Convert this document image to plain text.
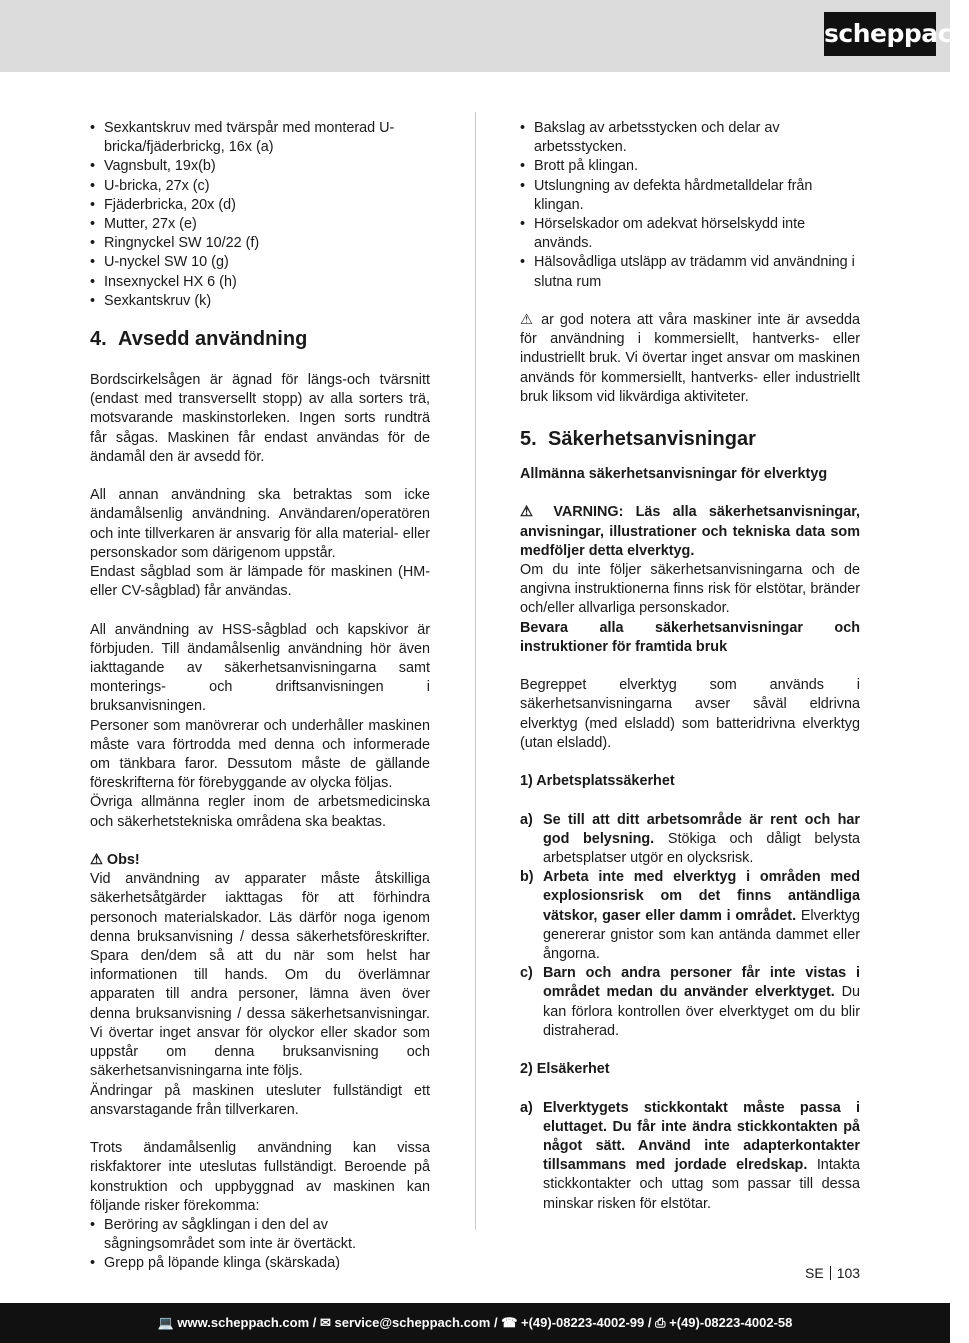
scheppach
• Sexkantskruv med tvärspår med monterad U-bricka/fjäderbrickg, 16x (a)
• Vagnsbult, 19x(b)
• U-bricka, 27x (c)
• Fjäderbricka, 20x (d)
• Mutter, 27x (e)
• Ringnyckel SW 10/22 (f)
• U-nyckel SW 10 (g)
• Insexnyckel HX 6 (h)
• Sexkantskruv (k)
4. Avsedd användning

Bordscirkelsågen är ägnad för längs-och tvärsnitt (endast med transversellt stopp) av alla sorters trä, motsvarande maskinstorleken. Ingen sorts rundträ får sågas. Maskinen får endast användas för de ändamål den är avsedd för.

All annan användning ska betraktas som icke ändamålsenlig användning. Användaren/operatören och inte tillverkaren är ansvarig för alla material- eller personskador som därigenom uppstår.

Endast sågblad som är lämpade för maskinen (HM- eller CV-sågblad) får användas.

All användning av HSS-sågblad och kapskivor är förbjuden. Till ändamålsenlig användning hör även iakttagande av säkerhetsanvisningarna samt monterings- och driftsanvisningen i bruksanvisningen.

Personer som manövrerar och underhåller maskinen måste vara förtrodda med denna och informerade om tänkbara faror. Dessutom måste de gällande föreskrifterna för förebyggande av olycka följas.

Övriga allmänna regler inom de arbetsmedicinska och säkerhetstekniska områdena ska beaktas.

⚠ Obs!

Vid användning av apparater måste åtskilliga säkerhetsåtgärder iakttagas för att förhindra personoch materialskador. Läs därför noga igenom denna bruksanvisning / dessa säkerhetsföreskrifter. Spara den/dem så att du när som helst har informationen till hands. Om du överlämnar apparaten till andra personer, lämna även över denna bruksanvisning / dessa säkerhetsanvisningar. Vi övertar inget ansvar för olyckor eller skador som uppstår om denna bruksanvisning och säkerhetsanvisningarna inte följs.

Ändringar på maskinen utesluter fullständigt ett ansvarstagande från tillverkaren.

Trots ändamålsenlig användning kan vissa riskfaktorer inte uteslutas fullständigt. Beroende på konstruktion och uppbyggnad av maskinen kan följande risker förekomma:

• Beröring av sågklingan i den del av sågningsområdet som inte är övertäckt.
• Grepp på löpande klinga (skärskada)
• Bakslag av arbetsstycken och delar av arbetsstycken.
• Brott på klingan.
• Utslungning av defekta hårdmetalldelar från klingan.
• Hörselskador om adekvat hörselskydd inte används.
• Hälsovådliga utsläpp av trädamm vid användning i slutna rum

⚠ ar god notera att våra maskiner inte är avsedda för användning i kommersiellt, hantverks- eller industriellt bruk. Vi övertar inget ansvar om maskinen används för kommersiellt, hantverks- eller industriellt bruk liksom vid likvärdiga aktiviteter.

5. Säkerhetsanvisningar

Allmänna säkerhetsanvisningar för elverktyg

⚠ VARNING: Läs alla säkerhetsanvisningar, anvisningar, illustrationer och tekniska data som medföljer detta elverktyg.

Om du inte följer säkerhetsanvisningarna och de angivna instruktionerna finns risk för elstötar, bränder och/eller allvarliga personskador.

Bevara alla säkerhetsanvisningar och instruktioner för framtida bruk

Begreppet elverktyg som används i säkerhetsanvisningarna avser såväl eldrivna elverktyg (med elsladd) som batteridrivna elverktyg (utan elsladd).

1) Arbetsplatssäkerhet

a) Se till att ditt arbetsområde är rent och har god belysning. Stökiga och dåligt belysta arbetsplatser utgör en olycksrisk.
b) Arbeta inte med elverktyg i områden med explosionsrisk om det finns antändliga vätskor, gaser eller damm i området. Elverktyg genererar gnistor som kan antända dammet eller ångorna.
c) Barn och andra personer får inte vistas i området medan du använder elverktyget. Du kan förlora kontrollen över elverktyget om du blir distraherad.

2) Elsäkerhet

a) Elverktygets stickkontakt måste passa i eluttaget. Du får inte ändra stickkontakten på något sätt. Använd inte adapterkontakter tillsammans med jordade elredskap. Intakta stickkontakter och uttag som passar till dessa minskar risken för elstötar.
SE 103
💻 www.scheppach.com / ✉ service@scheppach.com / ☎ +(49)-08223-4002-99 / ⎙ +(49)-08223-4002-58
